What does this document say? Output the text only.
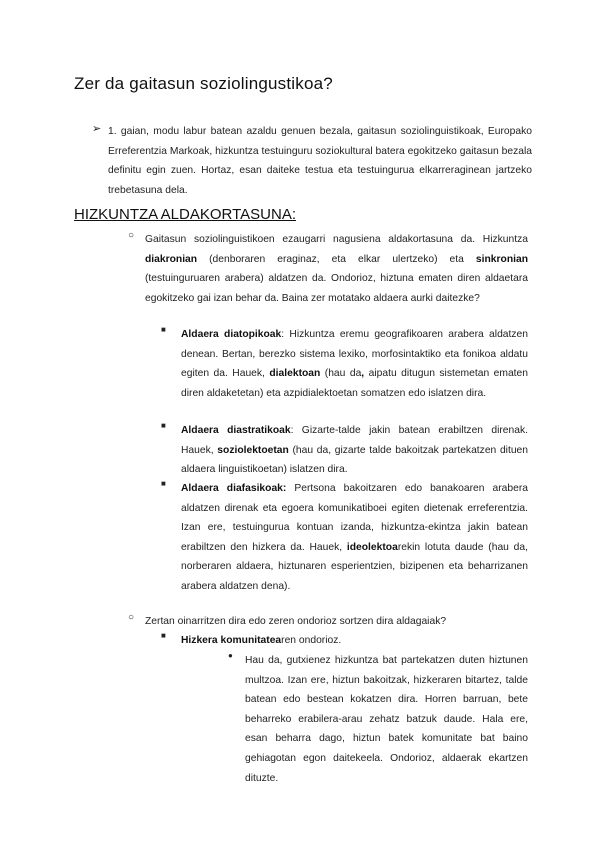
Zer da gaitasun soziolingustikoa?
➢ 1. gaian, modu labur batean azaldu genuen bezala, gaitasun soziolinguistikoak, Europako Erreferentzia Markoak, hizkuntza testuinguru soziokultural batera egokitzeko gaitasun bezala definitu egin zuen. Hortaz, esan daiteke testua eta testuingurua elkarreraginean jartzeko trebetasuna dela.
HIZKUNTZA ALDAKORTASUNA:
○ Gaitasun soziolinguistikoen ezaugarri nagusiena aldakortasuna da. Hizkuntza diakronian (denboraren eraginaz, eta elkar ulertzeko) eta sinkronian (testuinguruaren arabera) aldatzen da. Ondorioz, hiztuna ematen diren aldaetara egokitzeko gai izan behar da. Baina zer motatako aldaera aurki daitezke?
■ Aldaera diatopikoak: Hizkuntza eremu geografikoaren arabera aldatzen denean. Bertan, berezko sistema lexiko, morfosintaktiko eta fonikoa aldatu egiten da. Hauek, dialektoan (hau da, aipatu ditugun sistemetan ematen diren aldaketetan) eta azpidialektoetan somatzen edo islatzen dira.
■ Aldaera diastratikoak: Gizarte-talde jakin batean erabiltzen direnak. Hauek, soziolektoetan (hau da, gizarte talde bakoitzak partekatzen dituen aldaera linguistikoetan) islatzen dira.
■ Aldaera diafasikoak: Pertsona bakoitzaren edo banakoaren arabera aldatzen direnak eta egoera komunikatiboei egiten dietenak erreferentzia. Izan ere, testuingurua kontuan izanda, hizkuntza-ekintza jakin batean erabiltzen den hizkera da. Hauek, ideolektoarekin lotuta daude (hau da, norberaren aldaera, hiztunaren esperientzien, bizipenen eta beharrizanen arabera aldatzen dena).
○ Zertan oinarritzen dira edo zeren ondorioz sortzen dira aldagaiak?
■ Hizkera komunitatearen ondorioz.
● Hau da, gutxienez hizkuntza bat partekatzen duten hiztunen multzoa. Izan ere, hiztun bakoitzak, hizkeraren bitartez, talde batean edo bestean kokatzen dira. Horren barruan, bete beharreko erabilera-arau zehatz batzuk daude. Hala ere, esan beharra dago, hiztun batek komunitate bat baino gehiagotan egon daitekeela. Ondorioz, aldaerak ekartzen dituzte.
